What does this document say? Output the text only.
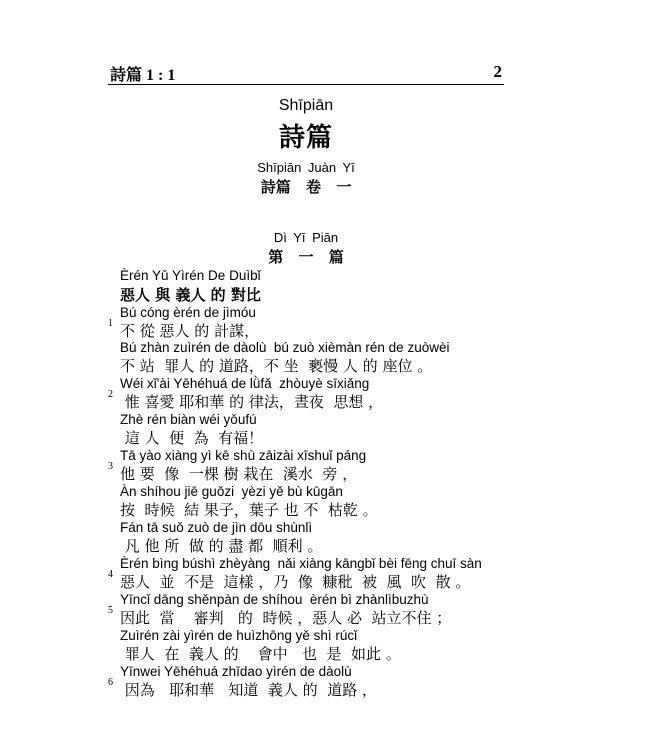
詩篇 1 : 1	2
Shīpiān
詩篇
Shīpiān Juàn Yī
詩篇 卷 一
Dì Yī Piān
第 一 篇
Èrén Yǔ Yìrén De Duìbǐ
惡人 與 義人 的 對比
Bú cóng èrén de jìmóu
不 從 惡人 的 計謀，
Bú zhàn zuìrén de dàolù  bú zuò xièmàn rén de zuòwèi
不 站  罪人 的 道路，不 坐  褻慢 人 的 座位 。
Wéi xǐ'ài Yēhéhuá de lǜfǎ  zhòuyè sīxiǎng
惟 喜愛 耶和華 的 律法，晝夜  思想 ，
Zhè rén biàn wéi yǒufú
這 人  便  為  有福！
Tā yào xiàng yì kē shù zāizài xīshuǐ páng
他 要  像  一棵 樹 栽在  溪水  旁 ，
Àn shíhou jiē guǒzi  yèzi yě bù kūgān
按  時候  結 果子，葉子 也 不  枯乾 。
Fán tā suǒ zuò de jìn dōu shùnlì
凡 他 所  做 的 盡 都  順利 。
Èrén bìng búshì zhèyàng  nǎi xiàng kāngbǐ bèi fēng chuī sàn
惡人  並  不是  這樣 ，乃  像  糠秕  被  風  吹  散 。
Yīncǐ dāng shěnpàn de shíhou  èrén bì zhànlìbuzhù
因此  當    審判   的  時候 ，惡人 必  站立不住 ；
Zuìrén zài yìrén de huìzhōng yě shì rúcǐ
罪人  在  義人 的    會中   也  是  如此 。
Yīnwei Yēhéhuá zhīdao yìrén de dàolù
因為   耶和華   知道  義人 的  道路 ，
1
2
3
4
5
6
